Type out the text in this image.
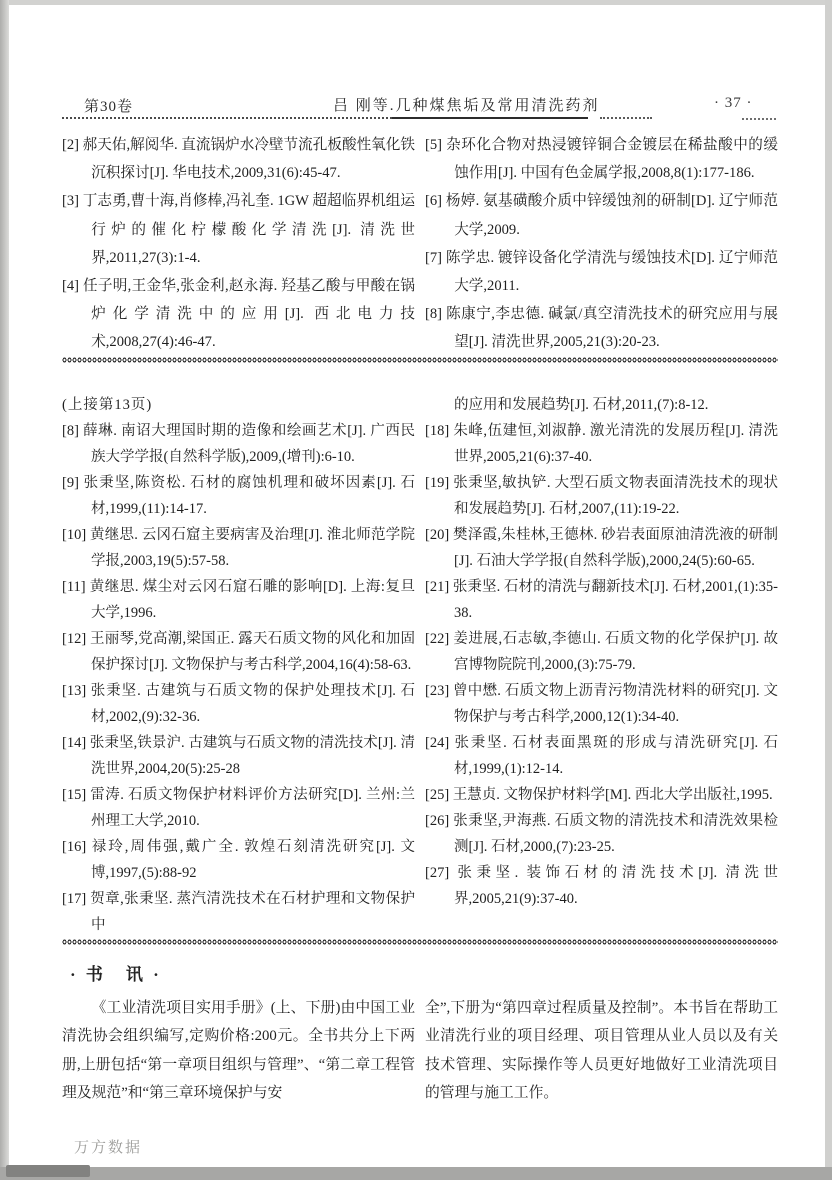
第30卷	吕 刚等.几种煤焦垢及常用清洗药剂	· 37 ·
[2] 郝天佑,解阅华. 直流锅炉水冷壁节流孔板酸性氧化铁沉积探讨[J]. 华电技术,2009,31(6):45-47.
[3] 丁志勇,曹十海,肖修棒,冯礼奎. 1GW 超超临界机组运行炉的催化柠檬酸化学清洗[J]. 清洗世界,2011,27(3):1-4.
[4] 任子明,王金华,张金利,赵永海. 羟基乙酸与甲酸在锅炉化学清洗中的应用[J]. 西北电力技术,2008,27(4):46-47.
[5] 杂环化合物对热浸镀锌铜合金镀层在稀盐酸中的缓蚀作用[J]. 中国有色金属学报,2008,8(1):177-186.
[6] 杨婷. 氨基磺酸介质中锌缓蚀剂的研制[D]. 辽宁师范大学,2009.
[7] 陈学忠. 镀锌设备化学清洗与缓蚀技术[D]. 辽宁师范大学,2011.
[8] 陈康宁,李忠德. 碱氯/真空清洗技术的研究应用与展望[J]. 清洗世界,2005,21(3):20-23.
(上接第13页)
[8] 薛琳. 南诏大理国时期的造像和绘画艺术[J]. 广西民族大学学报(自然科学版),2009,(增刊):6-10.
[9] 张秉坚,陈资松. 石材的腐蚀机理和破坏因素[J]. 石材,1999,(11):14-17.
[10] 黄继思. 云冈石窟主要病害及治理[J]. 淮北师范学院学报,2003,19(5):57-58.
[11] 黄继思. 煤尘对云冈石窟石雕的影响[D]. 上海:复旦大学,1996.
[12] 王丽琴,党高潮,梁国正. 露天石质文物的风化和加固保护探讨[J]. 文物保护与考古科学,2004,16(4):58-63.
[13] 张秉坚. 古建筑与石质文物的保护处理技术[J]. 石材,2002,(9):32-36.
[14] 张秉坚,铁景沪. 古建筑与石质文物的清洗技术[J]. 清洗世界,2004,20(5):25-28
[15] 雷涛. 石质文物保护材料评价方法研究[D]. 兰州:兰州理工大学,2010.
[16] 禄玲,周伟强,戴广全. 敦煌石刻清洗研究[J]. 文博,1997,(5):88-92
[17] 贺章,张秉坚. 蒸汽清洗技术在石材护理和文物保护中
的应用和发展趋势[J]. 石材,2011,(7):8-12.
[18] 朱峰,伍建恒,刘淑静. 激光清洗的发展历程[J]. 清洗世界,2005,21(6):37-40.
[19] 张秉坚,敏执铲. 大型石质文物表面清洗技术的现状和发展趋势[J]. 石材,2007,(11):19-22.
[20] 樊泽霞,朱桂林,王德林. 砂岩表面原油清洗液的研制[J]. 石油大学学报(自然科学版),2000,24(5):60-65.
[21] 张秉坚. 石材的清洗与翻新技术[J]. 石材,2001,(1):35-38.
[22] 姜进展,石志敏,李德山. 石质文物的化学保护[J]. 故宫博物院院刊,2000,(3):75-79.
[23] 曾中懋. 石质文物上沥青污物清洗材料的研究[J]. 文物保护与考古科学,2000,12(1):34-40.
[24] 张秉坚. 石材表面黑斑的形成与清洗研究[J]. 石材,1999,(1):12-14.
[25] 王慧贞. 文物保护材料学[M]. 西北大学出版社,1995.
[26] 张秉坚,尹海燕. 石质文物的清洗技术和清洗效果检测[J]. 石材,2000,(7):23-25.
[27] 张秉坚. 装饰石材的清洗技术[J]. 清洗世界,2005,21(9):37-40.
· 书　讯 ·

《工业清洗项目实用手册》(上、下册)由中国工业清洗协会组织编写,定购价格:200元。全书共分上下两册,上册包括“第一章项目组织与管理”、“第二章工程管理及规范”和“第三章环境保护与安

全”,下册为“第四章过程质量及控制”。本书旨在帮助工业清洗行业的项目经理、项目管理从业人员以及有关技术管理、实际操作等人员更好地做好工业清洗项目的管理与施工工作。

万方数据
